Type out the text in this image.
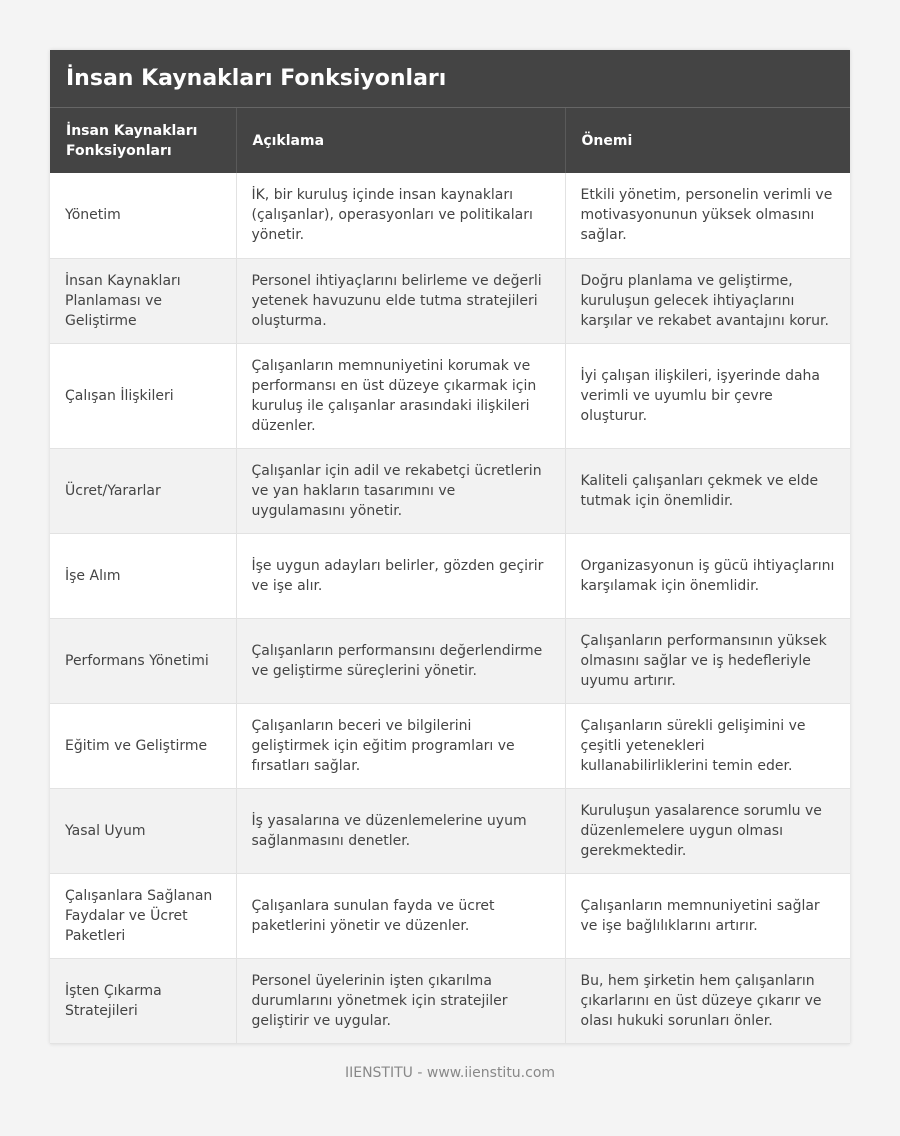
İnsan Kaynakları Fonksiyonları
İnsan Kaynakları Fonksiyonları	Açıklama	Önemi
Yönetim	İK, bir kuruluş içinde insan kaynakları (çalışanlar), operasyonları ve politikaları yönetir.	Etkili yönetim, personelin verimli ve motivasyonunun yüksek olmasını sağlar.
İnsan Kaynakları Planlaması ve Geliştirme	Personel ihtiyaçlarını belirleme ve değerli yetenek havuzunu elde tutma stratejileri oluşturma.	Doğru planlama ve geliştirme, kuruluşun gelecek ihtiyaçlarını karşılar ve rekabet avantajını korur.
Çalışan İlişkileri	Çalışanların memnuniyetini korumak ve performansı en üst düzeye çıkarmak için kuruluş ile çalışanlar arasındaki ilişkileri düzenler.	İyi çalışan ilişkileri, işyerinde daha verimli ve uyumlu bir çevre oluşturur.
Ücret/Yararlar	Çalışanlar için adil ve rekabetçi ücretlerin ve yan hakların tasarımını ve uygulamasını yönetir.	Kaliteli çalışanları çekmek ve elde tutmak için önemlidir.
İşe Alım	İşe uygun adayları belirler, gözden geçirir ve işe alır.	Organizasyonun iş gücü ihtiyaçlarını karşılamak için önemlidir.
Performans Yönetimi	Çalışanların performansını değerlendirme ve geliştirme süreçlerini yönetir.	Çalışanların performansının yüksek olmasını sağlar ve iş hedefleriyle uyumu artırır.
Eğitim ve Geliştirme	Çalışanların beceri ve bilgilerini geliştirmek için eğitim programları ve fırsatları sağlar.	Çalışanların sürekli gelişimini ve çeşitli yetenekleri kullanabilirliklerini temin eder.
Yasal Uyum	İş yasalarına ve düzenlemelerine uyum sağlanmasını denetler.	Kuruluşun yasalarence sorumlu ve düzenlemelere uygun olması gerekmektedir.
Çalışanlara Sağlanan Faydalar ve Ücret Paketleri	Çalışanlara sunulan fayda ve ücret paketlerini yönetir ve düzenler.	Çalışanların memnuniyetini sağlar ve işe bağlılıklarını artırır.
İşten Çıkarma Stratejileri	Personel üyelerinin işten çıkarılma durumlarını yönetmek için stratejiler geliştirir ve uygular.	Bu, hem şirketin hem çalışanların çıkarlarını en üst düzeye çıkarır ve olası hukuki sorunları önler.
IIENSTITU - www.iienstitu.com
